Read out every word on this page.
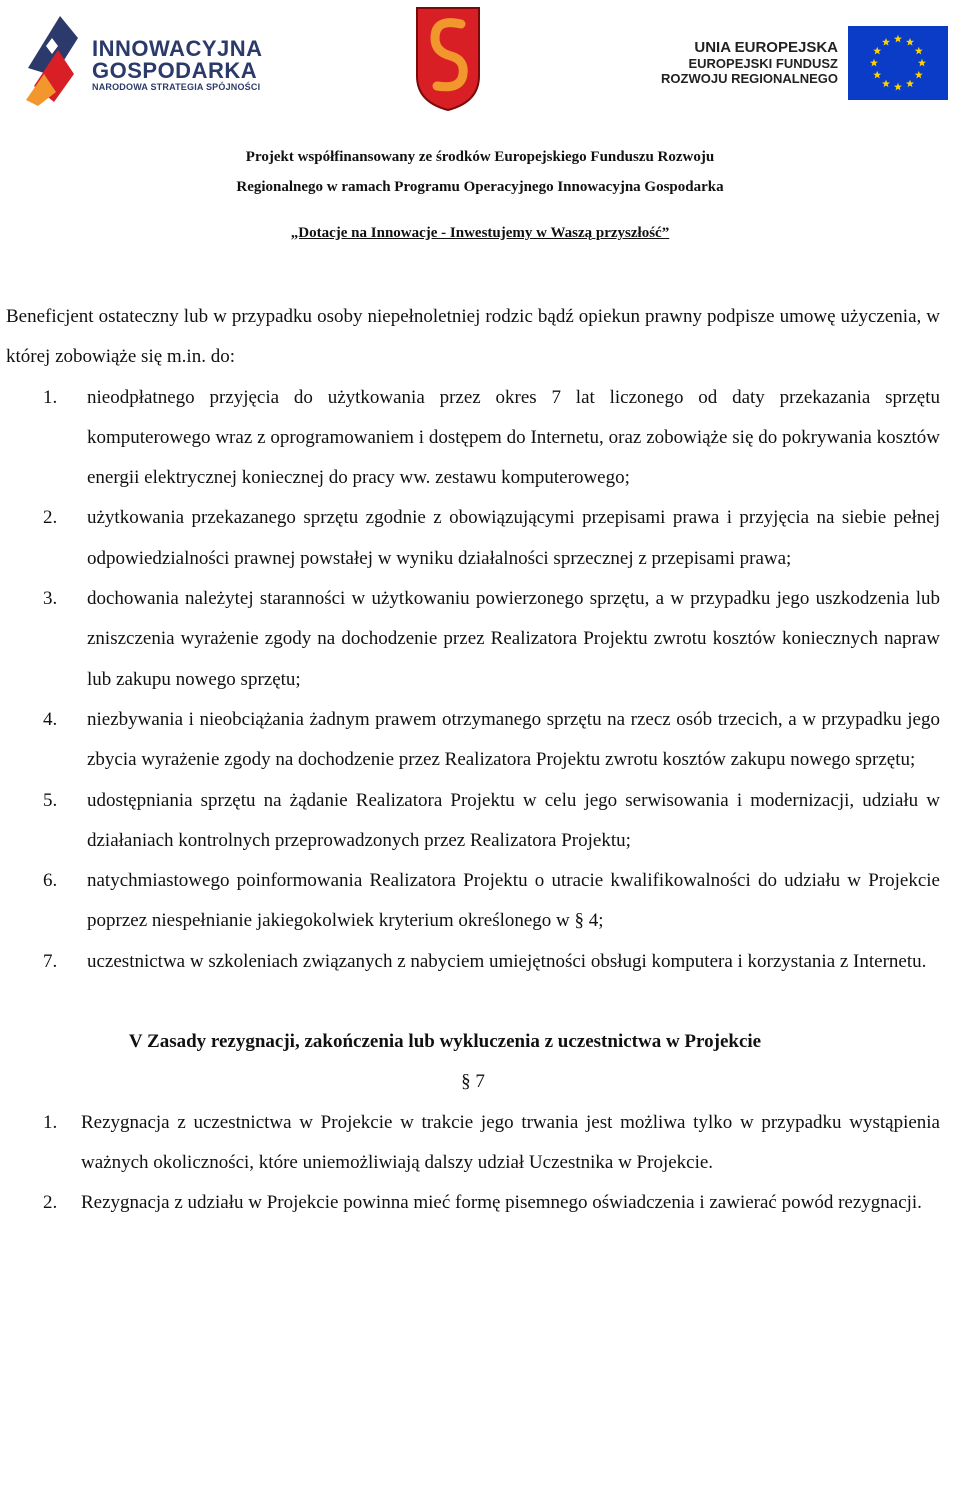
INNOWACYJNA
GOSPODARKA
NARODOWA STRATEGIA SPÓJNOŚCI
UNIA EUROPEJSKA
EUROPEJSKI FUNDUSZ
ROZWOJU REGIONALNEGO
Projekt współfinansowany ze środków Europejskiego Funduszu Rozwoju
Regionalnego w ramach Programu Operacyjnego Innowacyjna Gospodarka
„Dotacje na Innowacje - Inwestujemy w Waszą przyszłość”

Beneficjent ostateczny lub w przypadku osoby niepełnoletniej rodzic bądź opiekun prawny podpisze umowę użyczenia, w której zobowiąże się m.in. do:

1. nieodpłatnego przyjęcia do użytkowania przez okres 7 lat liczonego od daty przekazania sprzętu komputerowego wraz z oprogramowaniem i dostępem do Internetu, oraz zobowiąże się do pokrywania kosztów energii elektrycznej koniecznej do pracy ww. zestawu komputerowego;
2. użytkowania przekazanego sprzętu zgodnie z obowiązującymi przepisami prawa i przyjęcia na siebie pełnej odpowiedzialności prawnej powstałej w wyniku działalności sprzecznej z przepisami prawa;
3. dochowania należytej staranności w użytkowaniu powierzonego sprzętu, a w przypadku jego uszkodzenia lub zniszczenia wyrażenie zgody na dochodzenie przez Realizatora Projektu zwrotu kosztów koniecznych napraw lub zakupu nowego sprzętu;
4. niezbywania i nieobciążania żadnym prawem otrzymanego sprzętu na rzecz osób trzecich, a w przypadku jego zbycia wyrażenie zgody na dochodzenie przez Realizatora Projektu zwrotu kosztów zakupu nowego sprzętu;
5. udostępniania sprzętu na żądanie Realizatora Projektu w celu jego serwisowania i modernizacji, udziału w działaniach kontrolnych przeprowadzonych przez Realizatora Projektu;
6. natychmiastowego poinformowania Realizatora Projektu o utracie kwalifikowalności do udziału w Projekcie poprzez niespełnianie jakiegokolwiek kryterium określonego w § 4;
7. uczestnictwa w szkoleniach związanych z nabyciem umiejętności obsługi komputera i korzystania z Internetu.

V Zasady rezygnacji, zakończenia lub wykluczenia z uczestnictwa w Projekcie

§ 7

1. Rezygnacja z uczestnictwa w Projekcie w trakcie jego trwania jest możliwa tylko w przypadku wystąpienia ważnych okoliczności, które uniemożliwiają dalszy udział Uczestnika w Projekcie.
2. Rezygnacja z udziału w Projekcie powinna mieć formę pisemnego oświadczenia i zawierać powód rezygnacji.
